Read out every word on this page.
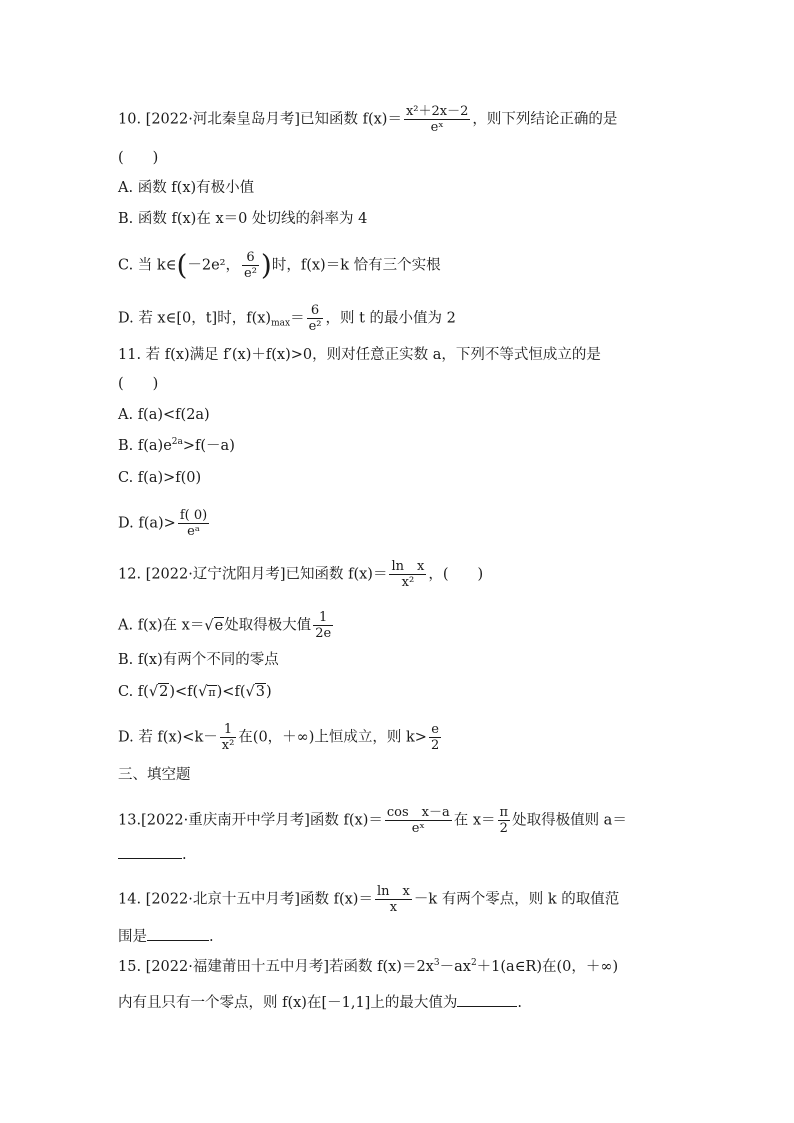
10. [2022·河北秦皇岛月考]已知函数 $f(x)= \frac{\text{x²＋2x－2}}{\text{eˣ}}$ ，则下列结论正确的是
(　　)
A. 函数 f(x)有极小值
B. 函数 f(x)在 x＝0 处切线的斜率为 4
C. 当 k∈(－2e²， $\frac{6}{\text{e²}}$ )时，f(x)＝k 恰有三个实根
D. 若 x∈[0，t]时，$f(x)_{max}= \frac{6}{\text{e²}}$ ，则 t 的最小值为 2
11. 若 f(x)满足 f′(x)＋f(x)>0，则对任意正实数 a，下列不等式恒成立的是
(　　)
A. f(a)<f(2a)
B. $f(a)e^{2a}>f(-a)$
C. f(a)>f(0)
D. $f(a)> \frac{f( 0)}{\text{eᵃ}}$
12. [2022·辽宁沈阳月考]已知函数 $f(x)= \frac{\text{ln　x}}{\text{x²}}$ ，(　　)
A. f(x)在 x＝√e处取得极大值 $\frac{1}{2e}$
B. f(x)有两个不同的零点
C. f(√2)<f(√π)<f(√3)
D. 若 $f(x)<k- \frac{1}{\text{x²}}$ 在(0，＋∞)上恒成立，则 $k> \frac{e}{2}$
三、填空题
13.[2022·重庆南开中学月考]函数 $f(x)= \frac{\text{cos　x－a}}{\text{eˣ}}$ 在 $x= \frac{\pi}{2}$ 处取得极值则 a＝
.
14. [2022·北京十五中月考]函数 $f(x)= \frac{\text{ln　x}}{x} -k$ 有两个零点，则 k 的取值范
围是	.
15. [2022·福建莆田十五中月考]若函数 $f(x)=2x^3-ax^2+1(a\in R)$在(0，＋∞)
内有且只有一个零点，则 f(x)在[－1,1]上的最大值为	.
